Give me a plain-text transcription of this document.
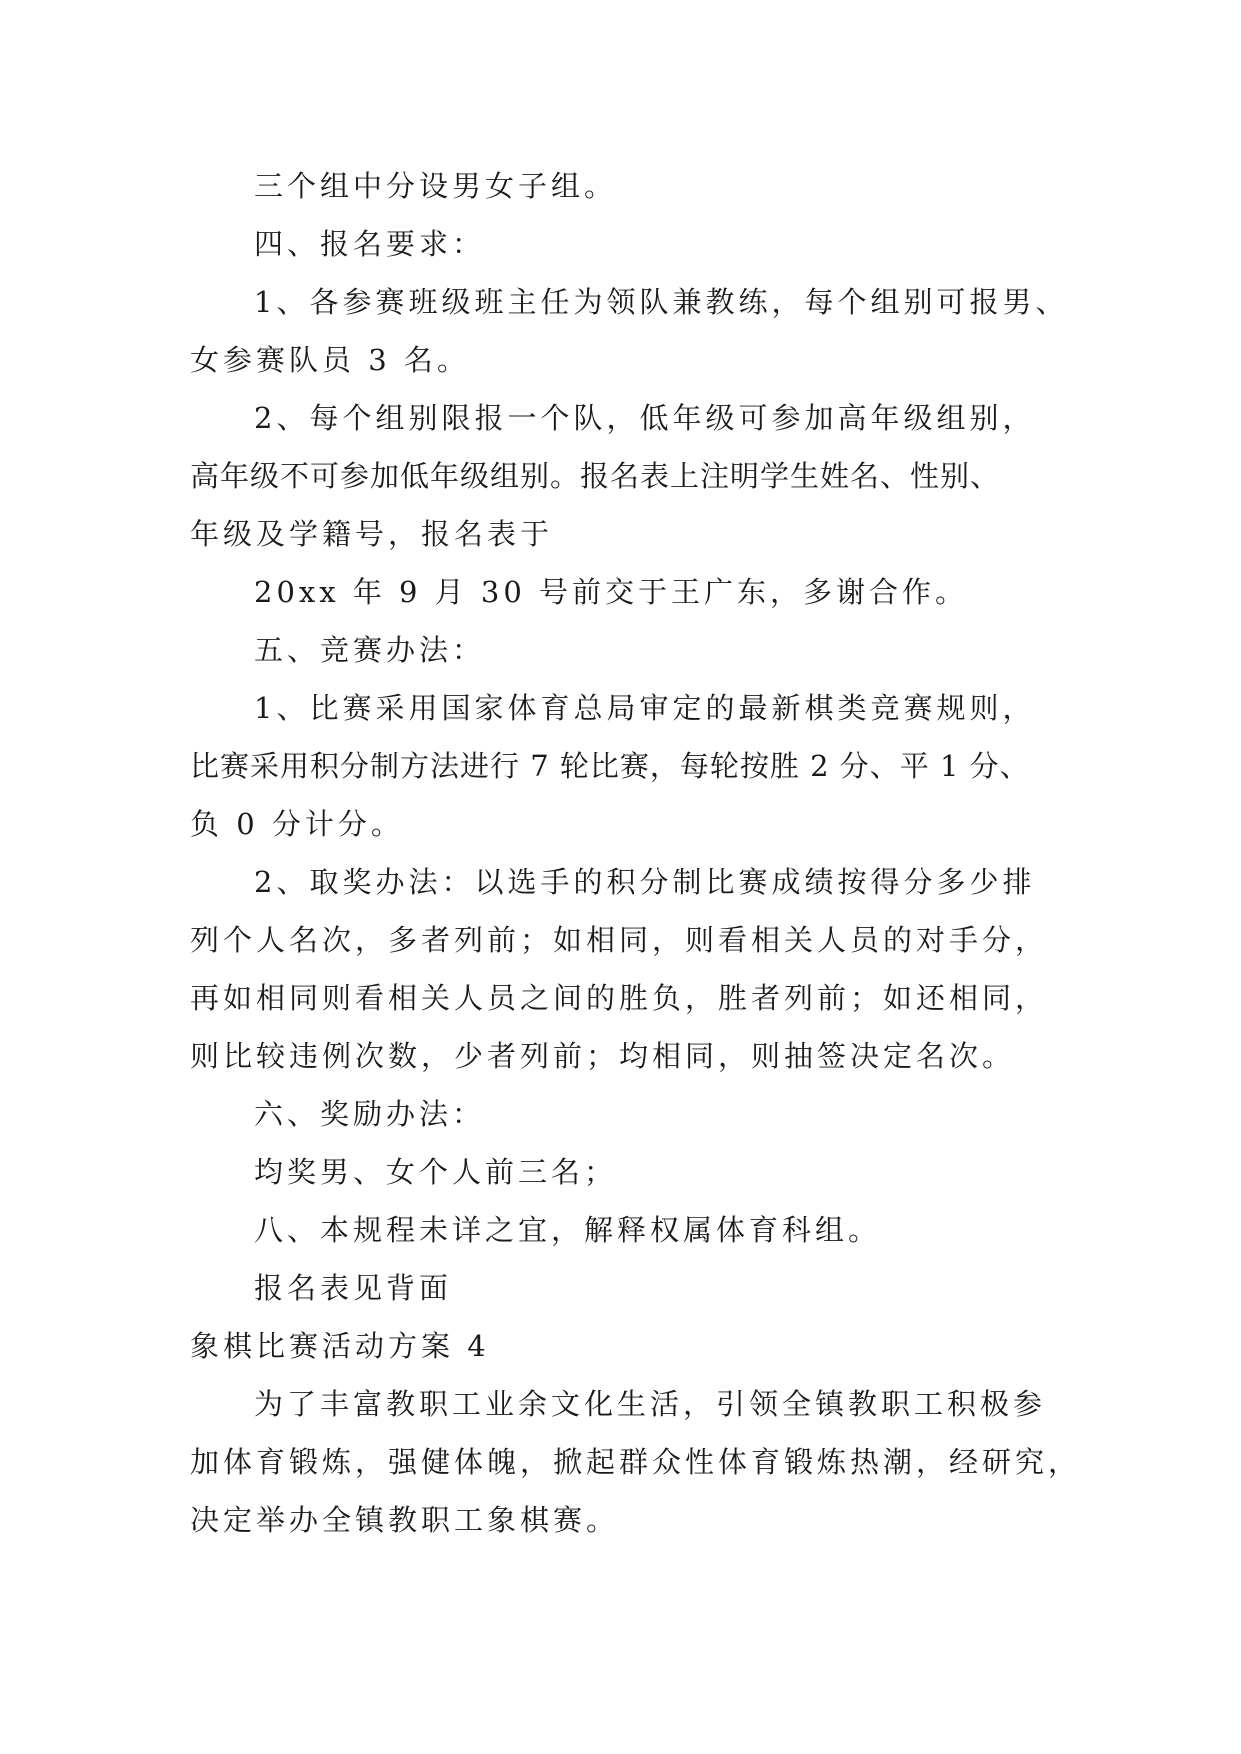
三个组中分设男女子组。
四、报名要求：
1、各参赛班级班主任为领队兼教练，每个组别可报男、
女参赛队员 3 名。
2、每个组别限报一个队，低年级可参加高年级组别，
高年级不可参加低年级组别。报名表上注明学生姓名、性别、
年级及学籍号，报名表于
20xx 年 9 月 30 号前交于王广东，多谢合作。
五、竞赛办法：
1、比赛采用国家体育总局审定的最新棋类竞赛规则，
比赛采用积分制方法进行 7 轮比赛，每轮按胜 2 分、平 1 分、
负 0 分计分。
2、取奖办法：以选手的积分制比赛成绩按得分多少排
列个人名次，多者列前；如相同，则看相关人员的对手分，
再如相同则看相关人员之间的胜负，胜者列前；如还相同，
则比较违例次数，少者列前；均相同，则抽签决定名次。
六、奖励办法：
均奖男、女个人前三名；
八、本规程未详之宜，解释权属体育科组。
报名表见背面
象棋比赛活动方案 4
为了丰富教职工业余文化生活，引领全镇教职工积极参
加体育锻炼，强健体魄，掀起群众性体育锻炼热潮，经研究，
决定举办全镇教职工象棋赛。
